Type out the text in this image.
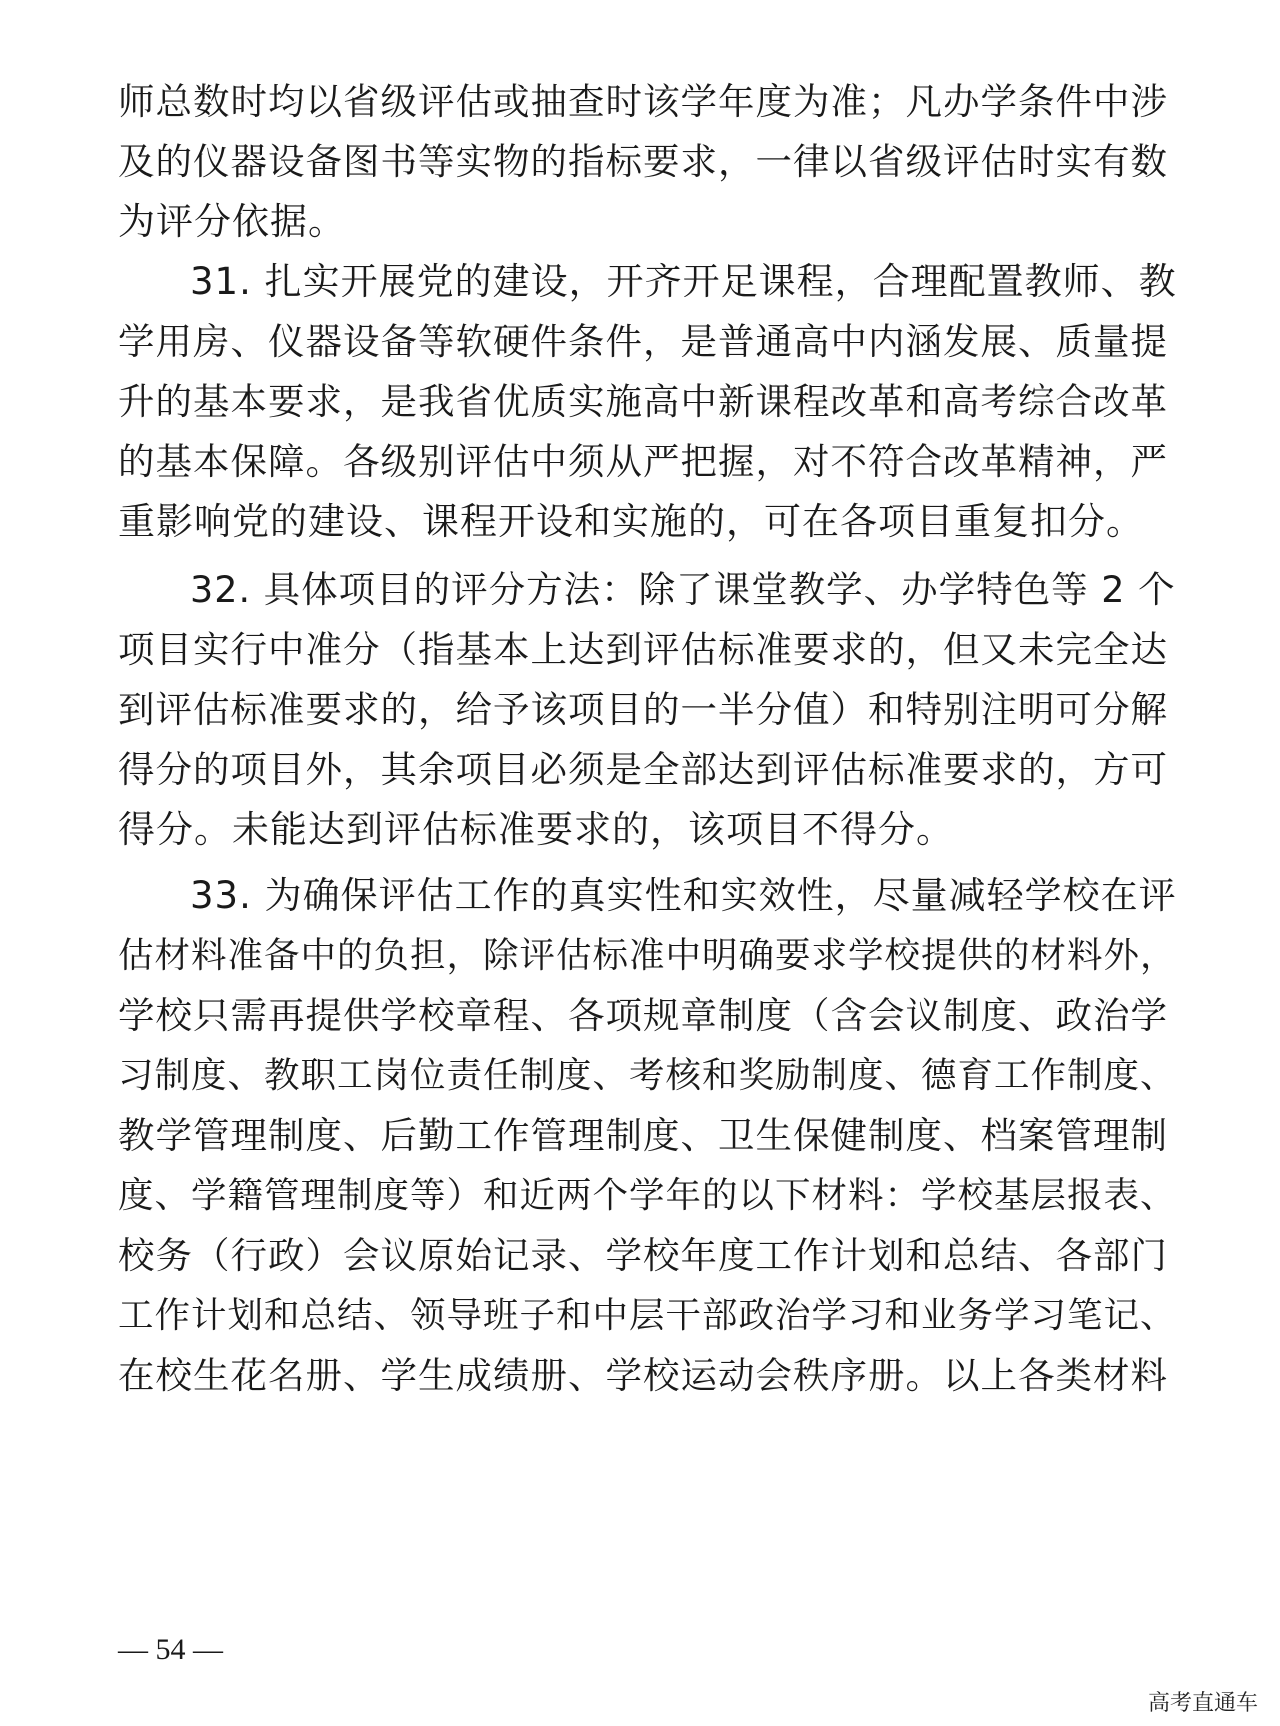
师总数时均以省级评估或抽查时该学年度为准；凡办学条件中涉
及的仪器设备图书等实物的指标要求，一律以省级评估时实有数
为评分依据。
31. 扎实开展党的建设，开齐开足课程，合理配置教师、教
学用房、仪器设备等软硬件条件，是普通高中内涵发展、质量提
升的基本要求，是我省优质实施高中新课程改革和高考综合改革
的基本保障。各级别评估中须从严把握，对不符合改革精神，严
重影响党的建设、课程开设和实施的，可在各项目重复扣分。
32. 具体项目的评分方法：除了课堂教学、办学特色等 2 个
项目实行中准分（指基本上达到评估标准要求的，但又未完全达
到评估标准要求的，给予该项目的一半分值）和特别注明可分解
得分的项目外，其余项目必须是全部达到评估标准要求的，方可
得分。未能达到评估标准要求的，该项目不得分。
33. 为确保评估工作的真实性和实效性，尽量减轻学校在评
估材料准备中的负担，除评估标准中明确要求学校提供的材料外，
学校只需再提供学校章程、各项规章制度（含会议制度、政治学
习制度、教职工岗位责任制度、考核和奖励制度、德育工作制度、
教学管理制度、后勤工作管理制度、卫生保健制度、档案管理制
度、学籍管理制度等）和近两个学年的以下材料：学校基层报表、
校务（行政）会议原始记录、学校年度工作计划和总结、各部门
工作计划和总结、领导班子和中层干部政治学习和业务学习笔记、
在校生花名册、学生成绩册、学校运动会秩序册。以上各类材料
— 54 —
高考直通车
